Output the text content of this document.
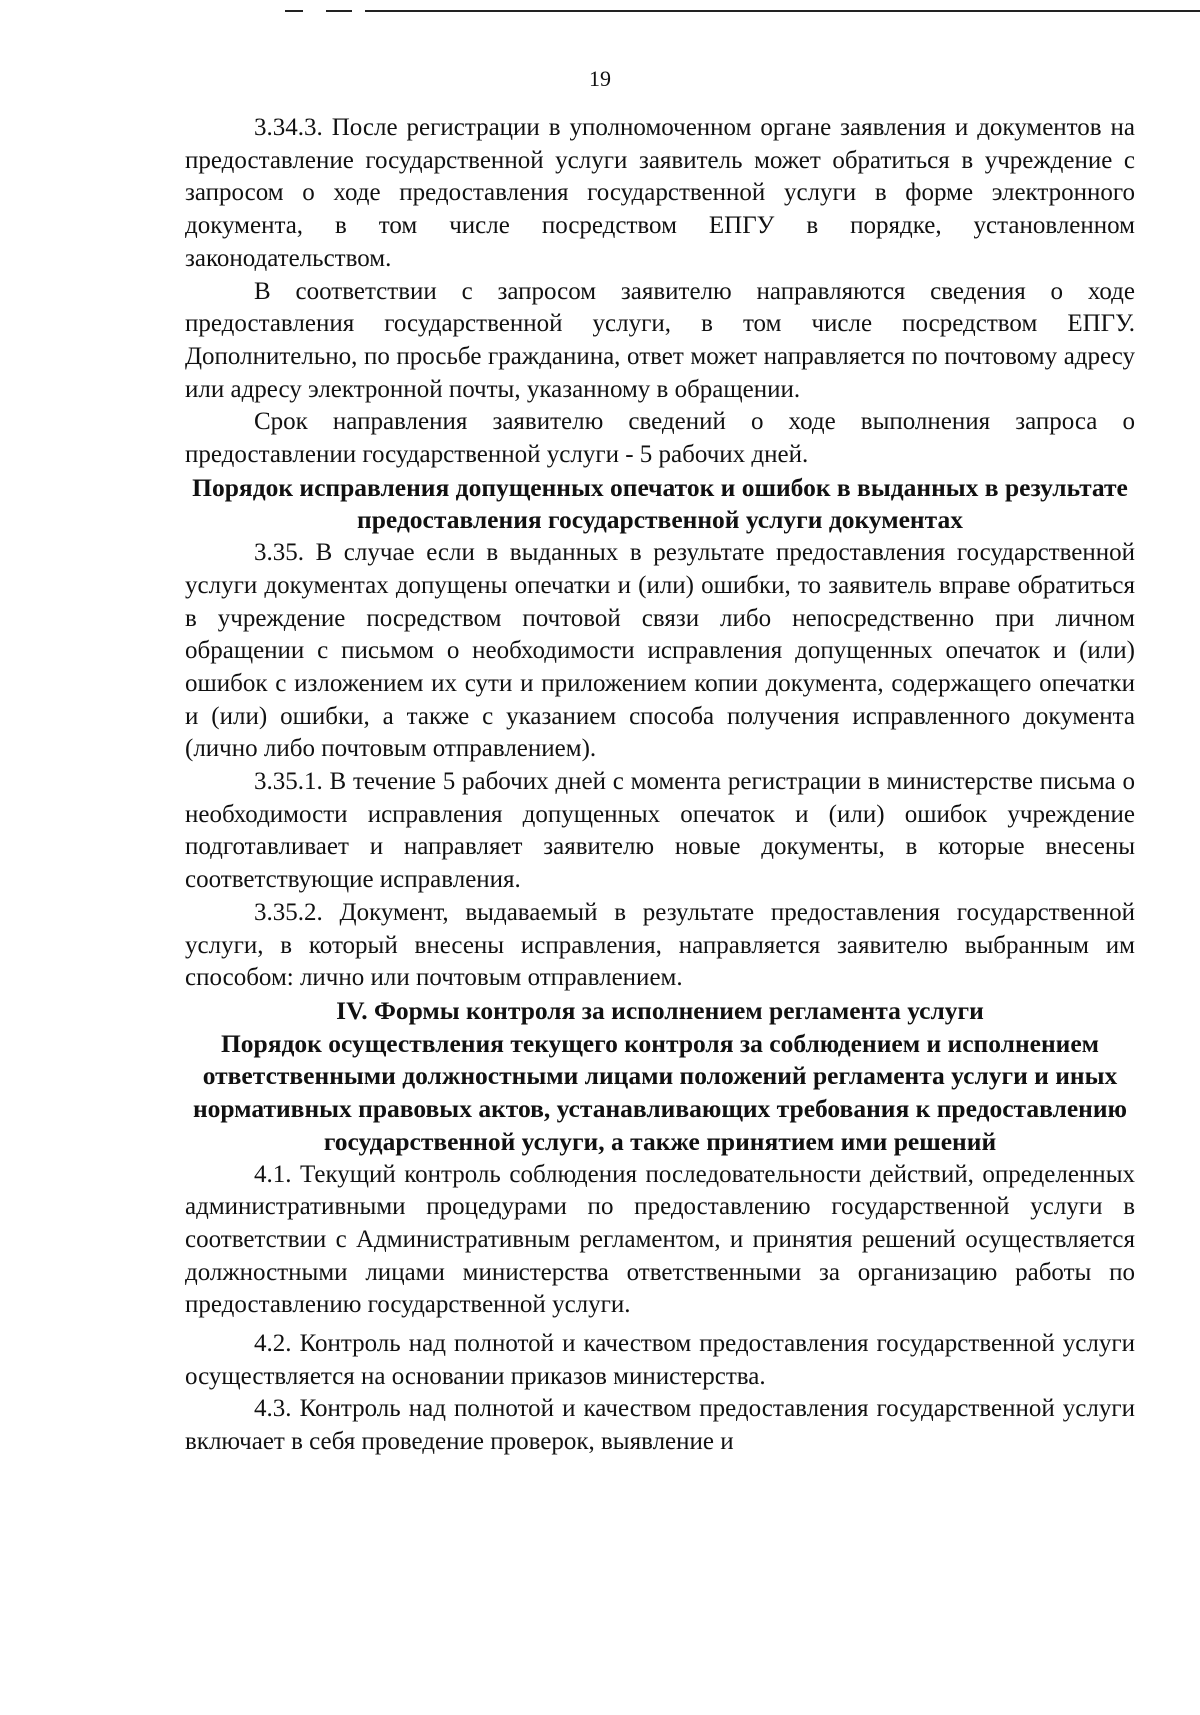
19

3.34.3. После регистрации в уполномоченном органе заявления и документов на предоставление государственной услуги заявитель может обратиться в учреждение с запросом о ходе предоставления государственной услуги в форме электронного документа, в том числе посредством ЕПГУ в порядке, установленном законодательством.

В соответствии с запросом заявителю направляются сведения о ходе предоставления государственной услуги, в том числе посредством ЕПГУ. Дополнительно, по просьбе гражданина, ответ может направляется по почтовому адресу или адресу электронной почты, указанному в обращении.

Срок направления заявителю сведений о ходе выполнения запроса о предоставлении государственной услуги - 5 рабочих дней.

Порядок исправления допущенных опечаток и ошибок в выданных в результате предоставления государственной услуги документах

3.35. В случае если в выданных в результате предоставления государственной услуги документах допущены опечатки и (или) ошибки, то заявитель вправе обратиться в учреждение посредством почтовой связи либо непосредственно при личном обращении с письмом о необходимости исправления допущенных опечаток и (или) ошибок с изложением их сути и приложением копии документа, содержащего опечатки и (или) ошибки, а также с указанием способа получения исправленного документа (лично либо почтовым отправлением).

3.35.1. В течение 5 рабочих дней с момента регистрации в министерстве письма о необходимости исправления допущенных опечаток и (или) ошибок учреждение подготавливает и направляет заявителю новые документы, в которые внесены соответствующие исправления.

3.35.2. Документ, выдаваемый в результате предоставления государственной услуги, в который внесены исправления, направляется заявителю выбранным им способом: лично или почтовым отправлением.

IV. Формы контроля за исполнением регламента услуги
Порядок осуществления текущего контроля за соблюдением и исполнением ответственными должностными лицами положений регламента услуги и иных нормативных правовых актов, устанавливающих требования к предоставлению государственной услуги, а также принятием ими решений

4.1. Текущий контроль соблюдения последовательности действий, определенных административными процедурами по предоставлению государственной услуги в соответствии с Административным регламентом, и принятия решений осуществляется должностными лицами министерства ответственными за организацию работы по предоставлению государственной услуги.

4.2. Контроль над полнотой и качеством предоставления государственной услуги осуществляется на основании приказов министерства.

4.3. Контроль над полнотой и качеством предоставления государственной услуги включает в себя проведение проверок, выявление и
